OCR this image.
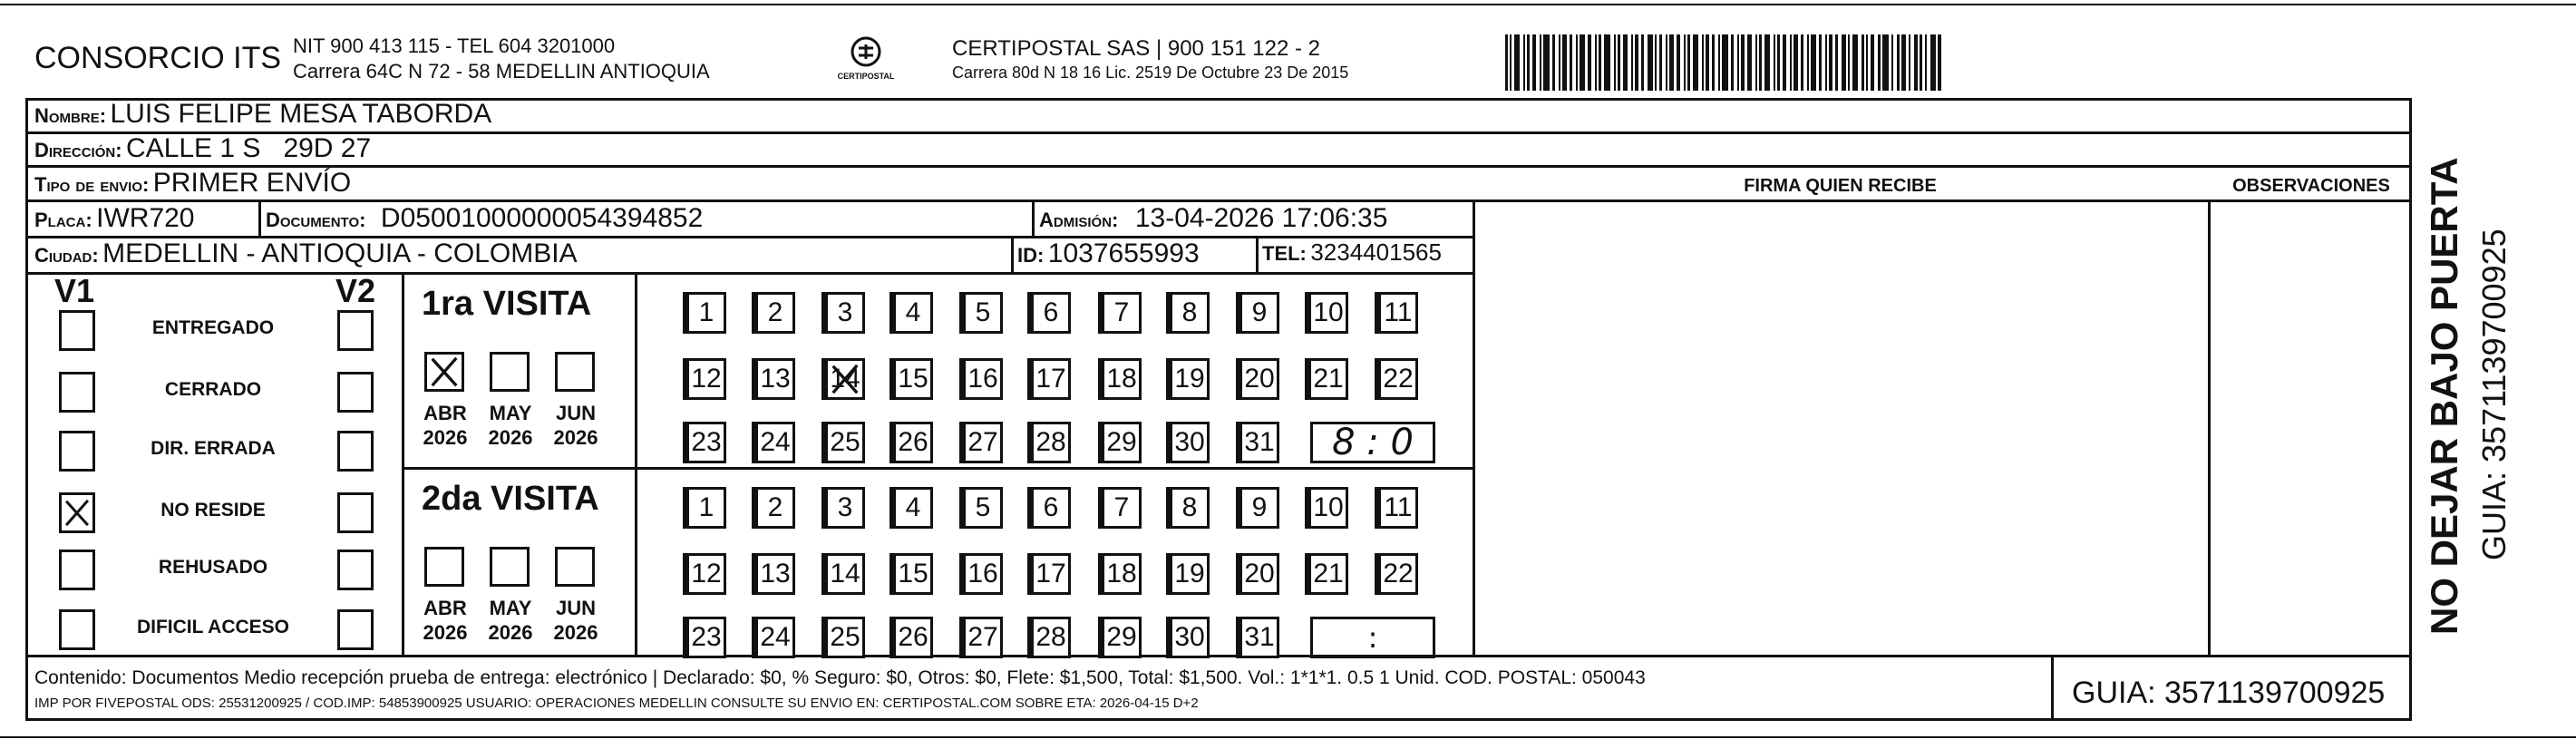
CONSORCIO ITS NIT 900 413 115 - TEL 604 3201000
Carrera 64C N 72 - 58 MEDELLIN ANTIOQUIA	CERTIPOSTAL
CERTIPOSTAL SAS | 900 151 122 - 2
Carrera 80d N 18 16 Lic. 2519 De Octubre 23 De 2015
Nombre: LUIS FELIPE MESA TABORDA
Dirección: CALLE 1 S   29D 27
Tipo de envio: PRIMER ENVÍO
Placa: IWR720	Documento: D05001000000054394852	Admisión: 13-04-2026 17:06:35
Ciudad: MEDELLIN - ANTIOQUIA - COLOMBIA	ID: 1037655993	TEL: 3234401565
FIRMA QUIEN RECIBE	OBSERVACIONES
V1	V2
ENTREGADO
CERRADO
DIR. ERRADA
NO RESIDE
REHUSADO
DIFICIL ACCESO
1ra VISITA
ABR
2026
MAY
2026
JUN
2026
1	2	3	4	5	6	7	8	9	10 11
12 13 14 15 16 17 18 19 20 21 22
23 24 25 26 27 28 29 30 31	8 : 0
2da VISITA
ABR
2026
MAY
2026
JUN
2026
1	2	3	4	5	6	7	8	9	10 11
12 13 14 15 16 17 18 19 20 21 22
23 24 25 26 27 28 29 30 31	:
NO DEJAR BAJO PUERTA GUIA: 3571139700925
Contenido: Documentos Medio recepción prueba de entrega: electrónico | Declarado: $0, % Seguro: $0, Otros: $0, Flete: $1,500, Total: $1,500. Vol.: 1*1*1. 0.5 1 Unid. COD. POSTAL: 050043
IMP POR FIVEPOSTAL ODS: 25531200925 / COD.IMP: 54853900925 USUARIO: OPERACIONES MEDELLIN CONSULTE SU ENVIO EN: CERTIPOSTAL.COM SOBRE ETA: 2026-04-15 D+2	GUIA: 3571139700925
